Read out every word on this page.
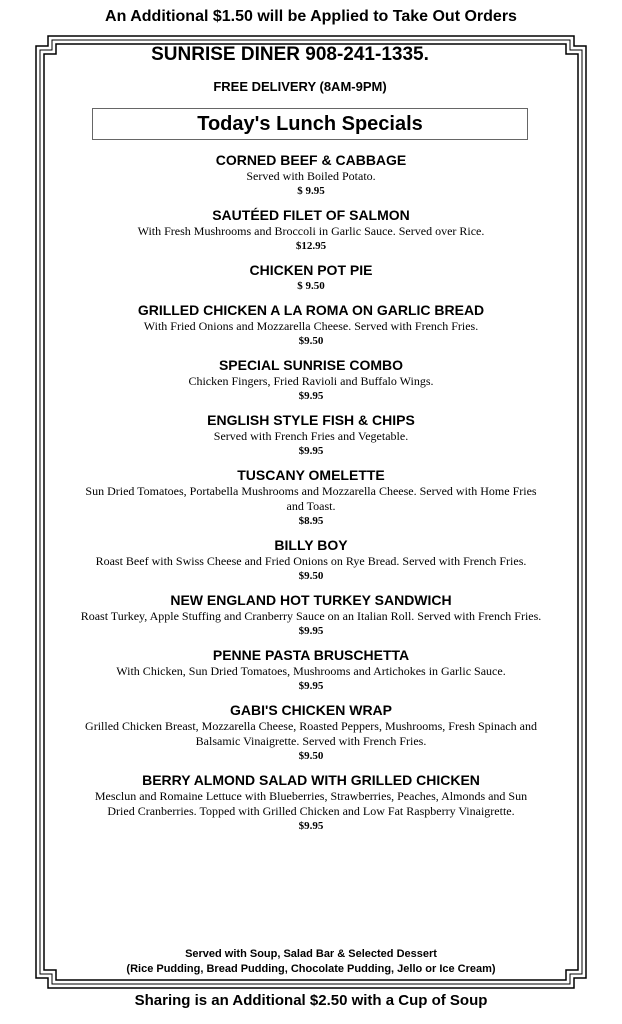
An Additional $1.50 will be Applied to Take Out Orders
SUNRISE DINER 908-241-1335.
FREE DELIVERY (8AM-9PM)
Today's Lunch Specials
CORNED BEEF & CABBAGE
Served with Boiled Potato.
$ 9.95
SAUTÉED FILET OF SALMON
With Fresh Mushrooms and Broccoli in Garlic Sauce. Served over Rice.
$12.95
CHICKEN POT PIE
$ 9.50
GRILLED CHICKEN A LA ROMA ON GARLIC BREAD
With Fried Onions and Mozzarella Cheese. Served with French Fries.
$9.50
SPECIAL SUNRISE COMBO
Chicken Fingers, Fried Ravioli and Buffalo Wings.
$9.95
ENGLISH STYLE FISH & CHIPS
Served with French Fries and Vegetable.
$9.95
TUSCANY OMELETTE
Sun Dried Tomatoes, Portabella Mushrooms and Mozzarella Cheese. Served with Home Fries and Toast.
$8.95
BILLY BOY
Roast Beef with Swiss Cheese and Fried Onions on Rye Bread. Served with French Fries.
$9.50
NEW ENGLAND HOT TURKEY SANDWICH
Roast Turkey, Apple Stuffing and Cranberry Sauce on an Italian Roll. Served with French Fries.
$9.95
PENNE PASTA BRUSCHETTA
With Chicken, Sun Dried Tomatoes, Mushrooms and Artichokes in Garlic Sauce.
$9.95
GABI'S CHICKEN WRAP
Grilled Chicken Breast, Mozzarella Cheese, Roasted Peppers, Mushrooms, Fresh Spinach and Balsamic Vinaigrette. Served with French Fries.
$9.50
BERRY ALMOND SALAD WITH GRILLED CHICKEN
Mesclun and Romaine Lettuce with Blueberries, Strawberries, Peaches, Almonds and Sun Dried Cranberries. Topped with Grilled Chicken and Low Fat Raspberry Vinaigrette.
$9.95
Served with Soup, Salad Bar & Selected Dessert
(Rice Pudding, Bread Pudding, Chocolate Pudding, Jello or Ice Cream)
Sharing is an Additional $2.50 with a Cup of Soup
